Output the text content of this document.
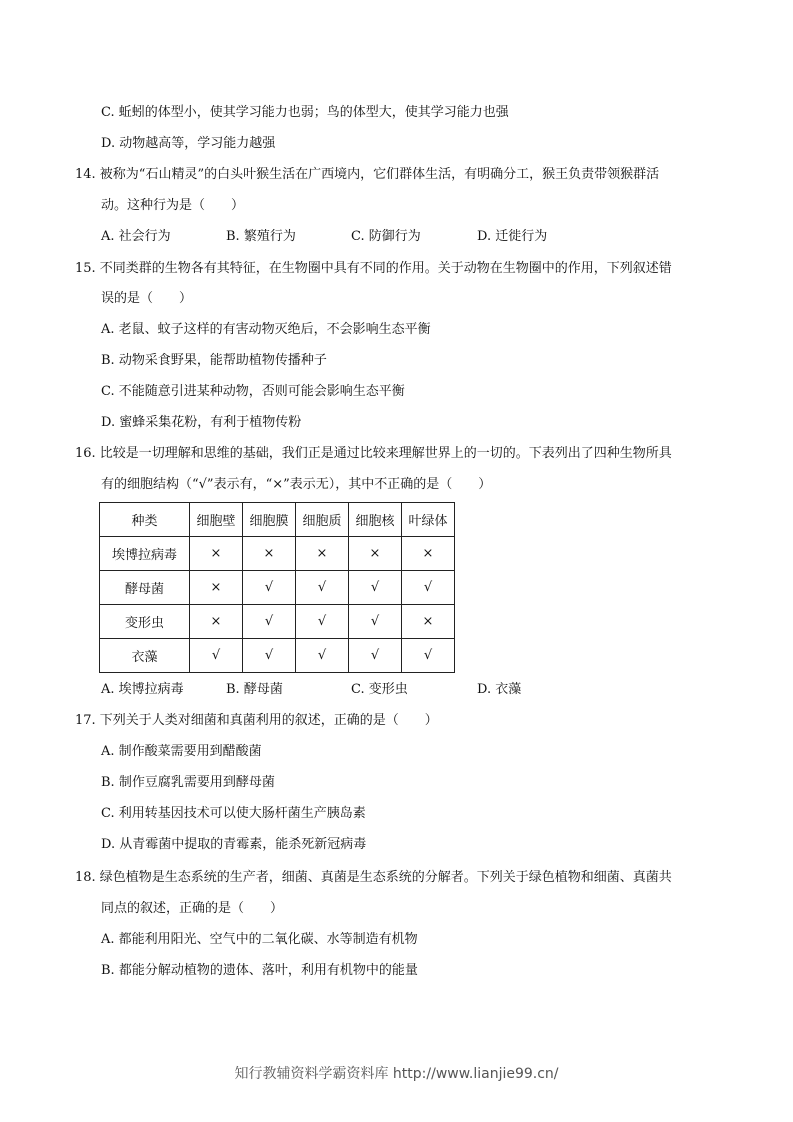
C. 蚯蚓的体型小，使其学习能力也弱；鸟的体型大，使其学习能力也强
D. 动物越高等，学习能力越强
14. 被称为“石山精灵”的白头叶猴生活在广西境内，它们群体生活，有明确分工，猴王负责带领猴群活
动。这种行为是（　　）
A. 社会行为	B. 繁殖行为	C. 防御行为	D. 迁徙行为
15. 不同类群的生物各有其特征，在生物圈中具有不同的作用。关于动物在生物圈中的作用，下列叙述错
误的是（　　）
A. 老鼠、蚊子这样的有害动物灭绝后，不会影响生态平衡
B. 动物采食野果，能帮助植物传播种子
C. 不能随意引进某种动物，否则可能会影响生态平衡
D. 蜜蜂采集花粉，有利于植物传粉
16. 比较是一切理解和思维的基础，我们正是通过比较来理解世界上的一切的。下表列出了四种生物所具
有的细胞结构（“√”表示有，“×”表示无），其中不正确的是（　　）
种类	细胞壁	细胞膜	细胞质	细胞核	叶绿体
埃博拉病毒	×	×	×	×	×
酵母菌	×	√	√	√	√
变形虫	×	√	√	√	×
衣藻	√	√	√	√	√
A. 埃博拉病毒	B. 酵母菌	C. 变形虫	D. 衣藻
17. 下列关于人类对细菌和真菌利用的叙述，正确的是（　　）
A. 制作酸菜需要用到醋酸菌
B. 制作豆腐乳需要用到酵母菌
C. 利用转基因技术可以使大肠杆菌生产胰岛素
D. 从青霉菌中提取的青霉素，能杀死新冠病毒
18. 绿色植物是生态系统的生产者，细菌、真菌是生态系统的分解者。下列关于绿色植物和细菌、真菌共
同点的叙述，正确的是（　　）
A. 都能利用阳光、空气中的二氧化碳、水等制造有机物
B. 都能分解动植物的遗体、落叶，利用有机物中的能量
知行教辅资料学霸资料库 http://www.lianjie99.cn/
